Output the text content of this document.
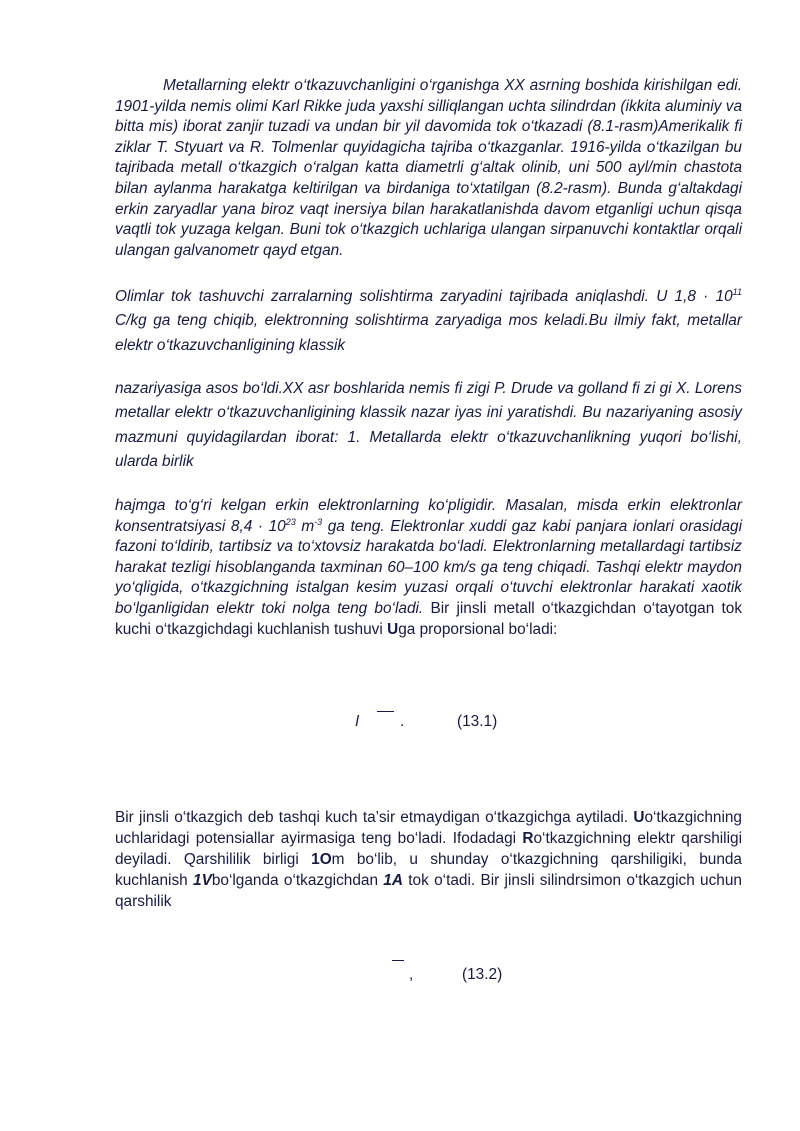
Metallarning elektr o‘tkazuvchanligini o‘rganishga XX asrning boshida kirishilgan edi. 1901-yilda nemis olimi Karl Rikke juda yaxshi silliqlangan uchta silindrdan (ikkita aluminiy va bitta mis) iborat zanjir tuzadi va undan bir yil davomida tok o‘tkazadi (8.1-rasm)Amerikalik fi ziklar T. Styuart va R. Tolmenlar quyidagicha tajriba o‘tkazganlar. 1916-yilda o‘tkazilgan bu tajribada metall o‘tkazgich o‘ralgan katta diametrli g‘altak olinib, uni 500 ayl/min chastota bilan aylanma harakatga keltirilgan va birdaniga to‘xtatilgan (8.2-rasm). Bunda g‘altakdagi erkin zaryadlar yana biroz vaqt inersiya bilan harakatlanishda davom etganligi uchun qisqa vaqtli tok yuzaga kelgan. Buni tok o‘tkazgich uchlariga ulangan sirpanuvchi kontaktlar orqali ulangan galvanometr qayd etgan.

Olimlar tok tashuvchi zarralarning solishtirma zaryadini tajribada aniqlashdi. U $1,8 \cdot 10^{11}$ C/kg ga teng chiqib, elektronning solishtirma zaryadiga mos keladi.Bu ilmiy fakt, metallar elektr o‘tkazuvchanligining klassik

nazariyasiga asos bo‘ldi.XX asr boshlarida nemis fi zigi P. Drude va golland fi zi gi X. Lorens metallar elektr o‘tkazuvchanligining klassik nazar iyas ini yaratishdi. Bu nazariyaning asosiy mazmuni quyidagilardan iborat: 1. Metallarda elektr o‘tkazuvchanlikning yuqori bo‘lishi, ularda birlik

hajmga to‘g‘ri kelgan erkin elektronlarning ko‘pligidir. Masalan, misda erkin elektronlar konsentratsiyasi $8,4 \cdot 10^{23}$ $m^{-3}$ ga teng. Elektronlar xuddi gaz kabi panjara ionlari orasidagi fazoni to‘ldirib, tartibsiz va to‘xtovsiz harakatda bo‘ladi. Elektronlarning metallardagi tartibsiz harakat tezligi hisoblanganda taxminan 60–100 km/s ga teng chiqadi. Tashqi elektr maydon yo‘qligida, o‘tkazgichning istalgan kesim yuzasi orqali o‘tuvchi elektronlar harakati xaotik bo‘lganligidan elektr toki nolga teng bo‘ladi. Bir jinsli metall o‘tkazgichdan o‘tayotgan tok kuchi o‘tkazgichdagi kuchlanish tushuvi Uga proporsional bo‘ladi:

I	.	(13.1)

Bir jinsli o‘tkazgich deb tashqi kuch ta’sir etmaydigan o‘tkazgichga aytiladi. Uo‘tkazgichning uchlaridagi potensiallar ayirmasiga teng bo‘ladi. Ifodadagi Ro‘tkazgichning elektr qarshiligi deyiladi. Qarshililik birligi 1Om bo‘lib, u shunday o‘tkazgichning qarshiligiki, bunda kuchlanish 1Vbo‘lganda o‘tkazgichdan 1A tok o‘tadi. Bir jinsli silindrsimon o‘tkazgich uchun qarshilik

,	(13.2)
